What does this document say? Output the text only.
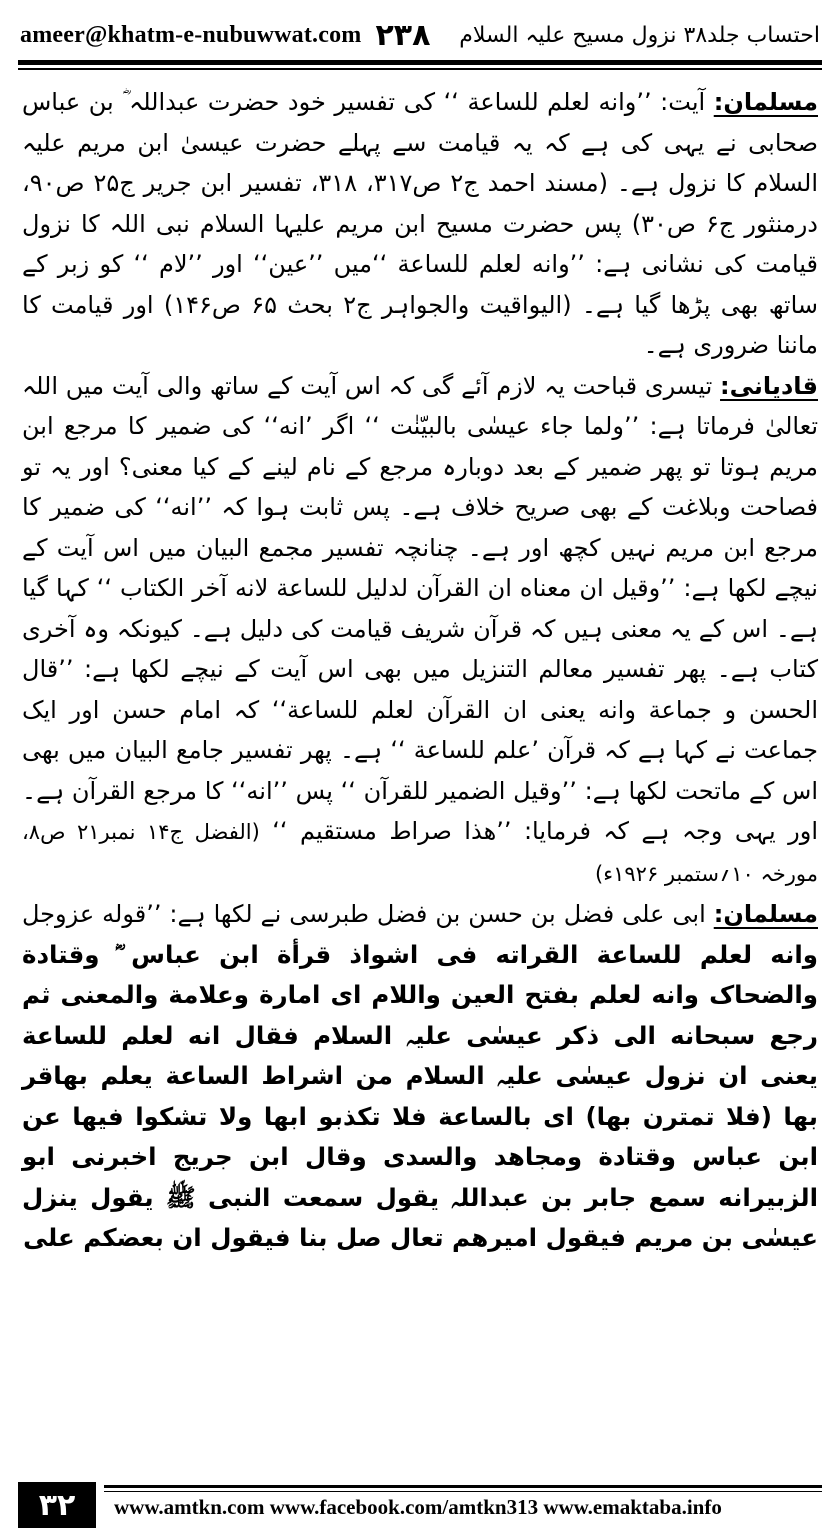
ameer@khatm-e-nubuwwat.com ۲۳۸ احتساب جلد۳۸ نزول مسیح علیہ السلام

مسلمان: آیت: ’’وانه لعلم للساعة ‘‘ کی تفسیر خود حضرت عبداللہ ؓ بن عباس صحابی نے یہی کی ہے کہ یہ قیامت سے پہلے حضرت عیسیٰ ابن مریم علیہ السلام کا نزول ہے۔ (مسند احمد ج۲ ص۳۱۷، ۳۱۸، تفسیر ابن جریر ج۲۵ ص۹۰، درمنثور ج۶ ص۳۰) پس حضرت مسیح ابن مریم علیہا السلام نبی اللہ کا نزول قیامت کی نشانی ہے: ’’وانه لعلم للساعة ‘‘میں ’’عین‘‘ اور ’’لام ‘‘ کو زبر کے ساتھ بھی پڑھا گیا ہے۔ (الیواقیت والجواہر ج۲ بحث ۶۵ ص۱۴۶) اور قیامت کا ماننا ضروری ہے۔

قادیانی: تیسری قباحت یہ لازم آئے گی کہ اس آیت کے ساتھ والی آیت میں اللہ تعالیٰ فرماتا ہے: ’’ولما جاء عیسٰی بالبیّنٰت ‘‘ اگر ’انه‘‘ کی ضمیر کا مرجع ابن مریم ہوتا تو پھر ضمیر کے بعد دوبارہ مرجع کے نام لینے کے کیا معنی؟ اور یہ تو فصاحت وبلاغت کے بھی صریح خلاف ہے۔ پس ثابت ہوا کہ ’’انه‘‘ کی ضمیر کا مرجع ابن مریم نہیں کچھ اور ہے۔ چنانچہ تفسیر مجمع البیان میں اس آیت کے نیچے لکھا ہے: ’’وقیل ان معناه ان القرآن لدلیل للساعة لانه آخر الکتاب ‘‘ کہا گیا ہے۔ اس کے یہ معنی ہیں کہ قرآن شریف قیامت کی دلیل ہے۔ کیونکہ وہ آخری کتاب ہے۔ پھر تفسیر معالم التنزیل میں بھی اس آیت کے نیچے لکھا ہے: ’’قال الحسن و جماعة وانه یعنی ان القرآن لعلم للساعة‘‘ کہ امام حسن اور ایک جماعت نے کہا ہے کہ قرآن ’علم للساعة ‘‘ ہے۔ پھر تفسیر جامع البیان میں بھی اس کے ماتحت لکھا ہے: ’’وقیل الضمیر للقرآن ‘‘ پس ’’انه‘‘ کا مرجع القرآن ہے۔ اور یہی وجہ ہے کہ فرمایا: ’’هذا صراط مستقیم ‘‘ (الفضل ج۱۴ نمبر۲۱ ص۸، مورخہ ۱۰؍ستمبر ۱۹۲۶ء)

مسلمان: ابی علی فضل بن حسن بن فضل طبرسی نے لکھا ہے: ’’قوله عزوجل وانه لعلم للساعة القراته فی اشواذ قرأة ابن عباس ؓ وقتادة والضحاک وانه لعلم بفتح العین واللام ای امارة وعلامة والمعنی ثم رجع سبحانه الی ذکر عیسٰی علیہ السلام فقال انه لعلم للساعة یعنی ان نزول عیسٰی علیہ السلام من اشراط الساعة یعلم بهاقر بها (فلا تمترن بها) ای بالساعة فلا تکذبو ابها ولا تشکوا فیها عن ابن عباس وقتادة ومجاهد والسدی وقال ابن جریج اخبرنی ابو الزبیرانه سمع جابر بن عبداللہ یقول سمعت النبی ﷺ یقول ینزل عیسٰی بن مریم فیقول امیرهم تعال صل بنا فیقول ان بعضکم علی

۳۲	www.amtkn.com www.facebook.com/amtkn313 www.emaktaba.info
